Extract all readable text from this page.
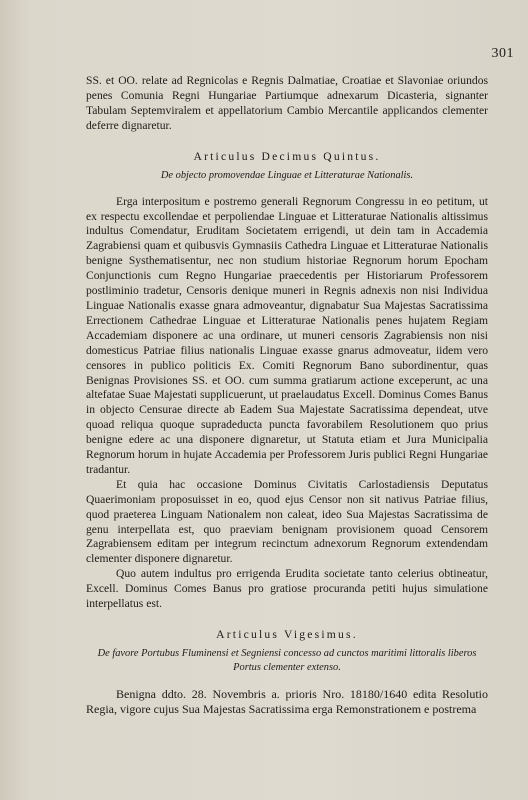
301

SS. et OO. relate ad Regnicolas e Regnis Dalmatiae, Croatiae et Slavoniae oriundos penes Comunia Regni Hungariae Partiumque adnexarum Dicasteria, signanter Tabulam Septemviralem et appellatorium Cambio Mercantile applicandos clementer deferre dignaretur.

Articulus Decimus Quintus.
De objecto promovendae Linguae et Litteraturae Nationalis.

Erga interpositum e postremo generali Regnorum Congressu in eo petitum, ut ex respectu excollendae et perpoliendae Linguae et Litteraturae Nationalis altissimus indultus Comendatur, Eruditam Societatem errigendi, ut dein tam in Accademia Zagrabiensi quam et quibusvis Gymnasiis Cathedra Linguae et Litteraturae Nationalis benigne Systhematisentur, nec non studium historiae Regnorum horum Epocham Conjunctionis cum Regno Hungariae praecedentis per Historiarum Professorem postliminio tradetur, Censoris denique muneri in Regnis adnexis non nisi Individua Linguae Nationalis exasse gnara admoveantur, dignabatur Sua Majestas Sacratissima Errectionem Cathedrae Linguae et Litteraturae Nationalis penes hujatem Regiam Accademiam disponere ac una ordinare, ut muneri censoris Zagrabiensis non nisi domesticus Patriae filius nationalis Linguae exasse gnarus admoveatur, iidem vero censores in publico politicis Ex. Comiti Regnorum Bano subordinentur, quas Benignas Provisiones SS. et OO. cum summa gratiarum actione exceperunt, ac una altefatae Suae Majestati supplicuerunt, ut praelaudatus Excell. Dominus Comes Banus in objecto Censurae directe ab Eadem Sua Majestate Sacratissima dependeat, utve quoad reliqua quoque supradeducta puncta favorabilem Resolutionem quo prius benigne edere ac una disponere dignaretur, ut Statuta etiam et Jura Municipalia Regnorum horum in hujate Accademia per Professorem Juris publici Regni Hungariae tradantur.

Et quia hac occasione Dominus Civitatis Carlostadiensis Deputatus Quaerimoniam proposuisset in eo, quod ejus Censor non sit nativus Patriae filius, quod praeterea Linguam Nationalem non caleat, ideo Sua Majestas Sacratissima de genu interpellata est, quo praeviam benignam provisionem quoad Censorem Zagrabiensem editam per integrum recinctum adnexorum Regnorum extendendam clementer disponere dignaretur.

Quo autem indultus pro errigenda Erudita societate tanto celerius obtineatur, Excell. Dominus Comes Banus pro gratiose procuranda petiti hujus simulatione interpellatus est.

Articulus Vigesimus.
De favore Portubus Fluminensi et Segniensi concesso ad cunctos maritimi littoralis liberos Portus clementer extenso.

Benigna ddto. 28. Novembris a. prioris Nro. 18180/1640 edita Resolutio Regia, vigore cujus Sua Majestas Sacratissima erga Remonstrationem e postrema
